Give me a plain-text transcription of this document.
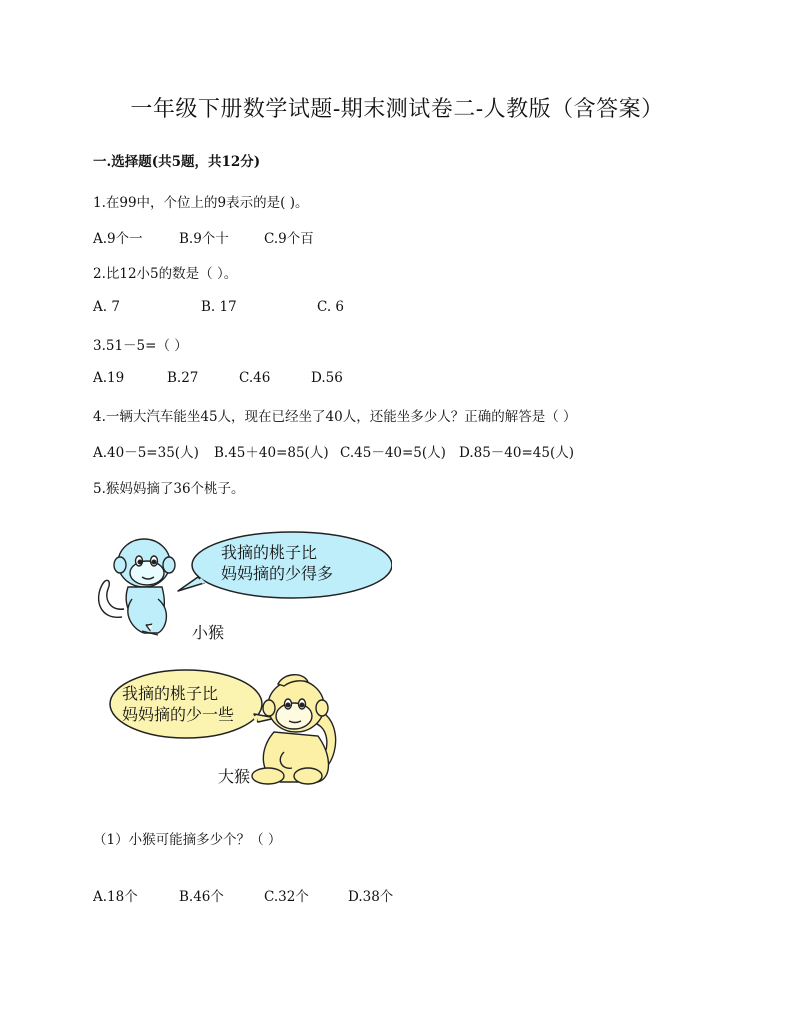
一年级下册数学试题-期末测试卷二-人教版（含答案）
一.选择题(共5题，共12分)
1.在99中，个位上的9表示的是( )。
A.9个一	B.9个十	C.9个百
2.比12小5的数是（ ）。
A. 7	B. 17	C. 6
3.51－5=（ ）
A.19	B.27	C.46	D.56
4.一辆大汽车能坐45人，现在已经坐了40人，还能坐多少人？正确的解答是（ ）
A.40－5=35(人) B.45＋40=85(人) C.45－40=5(人) D.85－40=45(人)
5.猴妈妈摘了36个桃子。
我摘的桃子比
妈妈摘的少得多
小猴
我摘的桃子比
妈妈摘的少一些
大猴
（1）小猴可能摘多少个？（ ）
A.18个	B.46个	C.32个	D.38个
